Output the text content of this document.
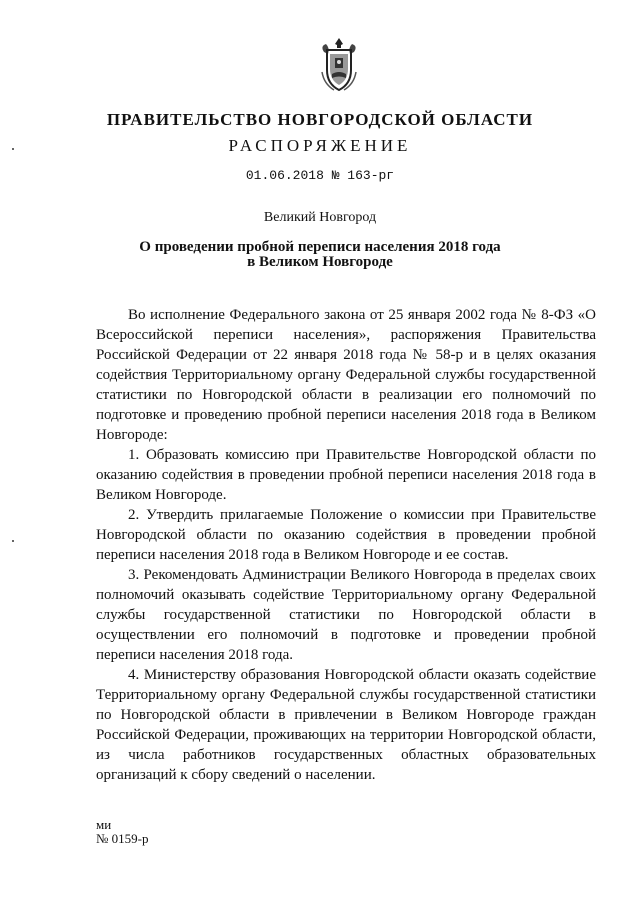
ПРАВИТЕЛЬСТВО НОВГОРОДСКОЙ ОБЛАСТИ
РАСПОРЯЖЕНИЕ
01.06.2018 № 163-рг
Великий Новгород
О проведении пробной переписи населения 2018 года
в Великом Новгороде

Во исполнение Федерального закона от 25 января 2002 года № 8-ФЗ «О Всероссийской переписи населения», распоряжения Правительства Российской Федерации от 22 января 2018 года № 58-р и в целях оказания содействия Территориальному органу Федеральной службы государственной статистики по Новгородской области в реализации его полномочий по подготовке и проведению пробной переписи населения 2018 года в Великом Новгороде:

1. Образовать комиссию при Правительстве Новгородской области по оказанию содействия в проведении пробной переписи населения 2018 года в Великом Новгороде.

2. Утвердить прилагаемые Положение о комиссии при Правительстве Новгородской области по оказанию содействия в проведении пробной переписи населения 2018 года в Великом Новгороде и ее состав.

3. Рекомендовать Администрации Великого Новгорода в пределах своих полномочий оказывать содействие Территориальному органу Федеральной службы государственной статистики по Новгородской области в осуществлении его полномочий в подготовке и проведении пробной переписи населения 2018 года.

4. Министерству образования Новгородской области оказать содействие Территориальному органу Федеральной службы государственной статистики по Новгородской области в привлечении в Великом Новгороде граждан Российской Федерации, проживающих на территории Новгородской области, из числа работников государственных областных образовательных организаций к сбору сведений о населении.

ми
№ 0159-р
